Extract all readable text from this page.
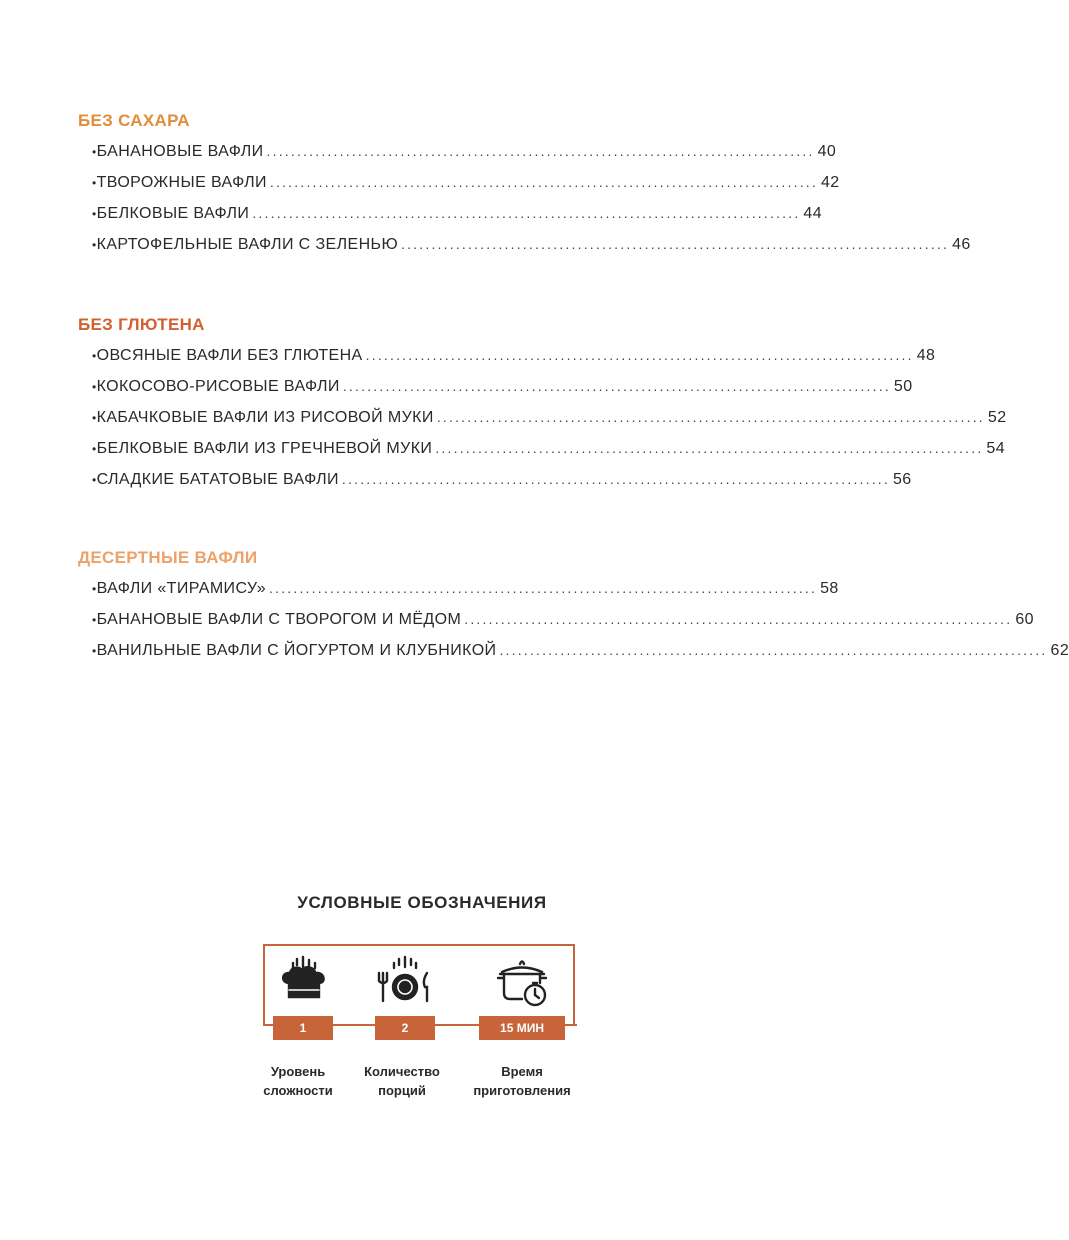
БЕЗ САХАРА
• БАНАНОВЫЕ ВАФЛИ .......................................................................................... 40
• ТВОРОЖНЫЕ ВАФЛИ .......................................................................................... 42
• БЕЛКОВЫЕ ВАФЛИ .......................................................................................... 44
• КАРТОФЕЛЬНЫЕ ВАФЛИ С ЗЕЛЕНЬЮ .......................................................................................... 46
БЕЗ ГЛЮТЕНА
• ОВСЯНЫЕ ВАФЛИ БЕЗ ГЛЮТЕНА .......................................................................................... 48
• КОКОСОВО-РИСОВЫЕ ВАФЛИ .......................................................................................... 50
• КАБАЧКОВЫЕ ВАФЛИ ИЗ РИСОВОЙ МУКИ .......................................................................................... 52
• БЕЛКОВЫЕ ВАФЛИ ИЗ ГРЕЧНЕВОЙ МУКИ .......................................................................................... 54
• СЛАДКИЕ БАТАТОВЫЕ ВАФЛИ .......................................................................................... 56
ДЕСЕРТНЫЕ ВАФЛИ
• ВАФЛИ «ТИРАМИСУ» .......................................................................................... 58
• БАНАНОВЫЕ ВАФЛИ С ТВОРОГОМ И МЁДОМ .......................................................................................... 60
• ВАНИЛЬНЫЕ ВАФЛИ С ЙОГУРТОМ И КЛУБНИКОЙ .......................................................................................... 62
УСЛОВНЫЕ ОБОЗНАЧЕНИЯ
1	2	15 МИН
Уровень
сложности
Количество
порций
Время
приготовления
